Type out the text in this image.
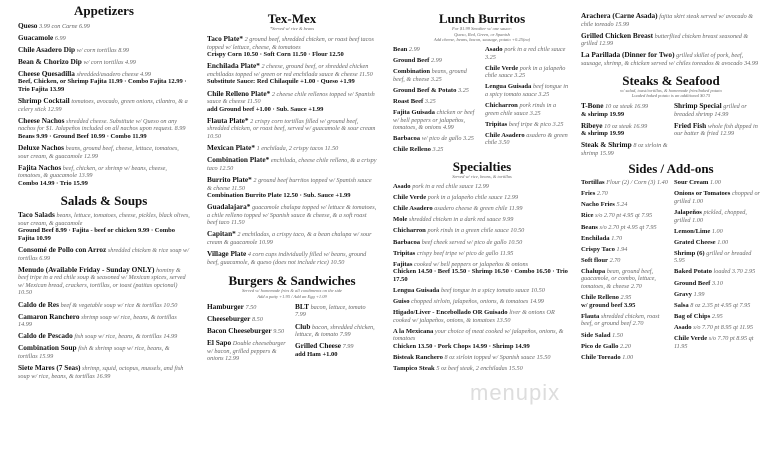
Appetizers
Queso 3.99 con Carne 6.99
Guacamole 6.99
Chile Asadero Dip w/ corn tortillas 8.99
Bean & Chorizo Dip w/ corn tortillas 4.99
Cheese Quesadilla shredded/asadero cheese 4.99
Beef, Chicken, or Shrimp Fajita 11.99 · Combo Fajita 12.99 · Trio Fajita 13.99
Shrimp Cocktail tomatoes, avocado, green onions, cilantro, & a celery stick 12.99
Cheese Nachos shredded cheese. Substitute w/ Queso on any nachos for $1. Jalapeños included on all nachos upon request. 8.99
Beans 9.99 · Ground Beef 10.99 · Combo 11.99
Deluxe Nachos beans, ground beef, cheese, lettuce, tomatoes, sour cream, & guacamole 12.99
Fajita Nachos beef, chicken, or shrimp w/ beans, cheese, tomatoes, & guacamole 13.99
Combo 14.99 · Trio 15.99
Salads & Soups
Taco Salads beans, lettuce, tomatoes, cheese, pickles, black olives, sour cream, & guacamole
Ground Beef 8.99 · Fajita - beef or chicken 9.99 · Combo Fajita 10.99
Consomé de Pollo con Arroz shredded chicken & rice soup w/ tortillas 6.99
Menudo (Available Friday - Sunday ONLY) hominy & beef tripe in a red chile soup & seasoned w/ Mexican spices, served w/ Mexican bread, crackers, tortillas, or toast (patitas opcional) 10.50
Caldo de Res beef & vegetable soup w/ rice & tortillas 10.50
Camaron Ranchero shrimp soup w/ rice, beans, & tortillas 14.99
Caldo de Pescado fish soup w/ rice, beans, & tortillas 14.99
Combination Soup fish & shrimp soup w/ rice, beans, & tortillas 15.99
Siete Mares (7 Seas) shrimp, squid, octopus, mussels, and fish soup w/ rice, beans, & tortillas 16.99
Tex-Mex
*Served w/ rice & beans
Taco Plate* 2 ground beef, shredded chicken, or roast beef tacos topped w/ lettuce, cheese, & tomatoes
Crispy Corn 10.50 · Soft Corn 11.50 · Flour 12.50
Enchilada Plate* 2 cheese, ground beef, or shredded chicken enchiladas topped w/ green or red enchilada sauce & cheese 11.50
Substitute Sauce: Red Chilaquile +1.00 · Queso +1.99
Chile Relleno Plate* 2 cheese chile rellenos topped w/ Spanish sauce & cheese 11.50
add Ground beef +1.00 · Sub. Sauce +1.99
Flauta Plate* 2 crispy corn tortillas filled w/ ground beef, shredded chicken, or roast beef, served w/ guacamole & sour cream 10.50
Mexican Plate* 1 enchilada, 2 crispy tacos 11.50
Combination Plate* enchilada, cheese chile relleno, & a crispy taco 12.50
Burrito Plate* 2 ground beef burritos topped w/ Spanish sauce & cheese 11.50
Combination Burrito Plate 12.50 · Sub. Sauce +1.99
Guadalajara* guacamole chalupa topped w/ lettuce & tomatoes, a chile relleno topped w/ Spanish sauce & cheese, & a soft roast beef taco 11.50
Capitan* 2 enchiladas, a crispy taco, & a bean chalupa w/ sour cream & guacamole 10.99
Village Plate 4 corn cups individually filled w/ beans, ground beef, guacamole, & queso (does not include rice) 10.50
Burgers & Sandwiches
Served w/ homemade fries & all condiments on the side
Add a patty +1.95 / Add an Egg +1.09
Hamburger 7.50
Cheeseburger 8.50
Bacon Cheeseburger 9.50
El Sapo Double cheeseburger w/ bacon, grilled peppers & onions 12.99
BLT bacon, lettuce, tomato 7.99
Club bacon, shredded chicken, lettuce, & tomato 7.99
Grilled Cheese 7.99
add Ham +1.00
Lunch Burritos
For $1.99 Smother w/ one sauce:
Queso, Red, Green, or Spanish
Add cheese, beans, bacon, sausage, potato +0.25(ea)
Bean 2.99
Ground Beef 2.99
Combination beans, ground beef, & cheese 3.25
Ground Beef & Potato 3.25
Roast Beef 3.25
Fajita Guisada chicken or beef w/ bell peppers or jalapeños, tomatoes, & onions 4.99
Barbacoa w/ pico de gallo 3.25
Chile Relleno 3.25
Asado pork in a red chile sauce 3.25
Chile Verde pork in a jalapeño chile sauce 3.25
Lengua Guisada beef tongue in a spicy tomato sauce 3.25
Chicharron pork rinds in a green chile sauce 3.25
Tripitas beef tripe & pico 3.25
Chile Asadero asadero & green chile 3.50
Specialties
Served w/ rice, beans, & tortillas
Asado pork in a red chile sauce 12.99
Chile Verde pork in a jalapeño chile sauce 12.99
Chile Asadero asadero cheese & green chile 11.99
Mole shredded chicken in a dark red sauce 9.99
Chicharron pork rinds in a green chile sauce 10.50
Barbacoa beef cheek served w/ pico de gallo 10.50
Tripitas crispy beef tripe w/ pico de gallo 11.95
Fajitas cooked w/ bell peppers or jalapeños & onions
Chicken 14.50 · Beef 15.50 · Shrimp 16.50 · Combo 16.50 · Trio 17.50
Lengua Guisada beef tongue in a spicy tomato sauce 10.50
Guiso chopped sirloin, jalapeños, onions, & tomatoes 14.99
Higado/Liver - Encebollado OR Guisado liver & onions OR cooked w/ jalapeños, onions, & tomatoes 13.50
A la Mexicana your choice of meat cooked w/ jalapeños, onions, & tomatoes
Chicken 13.50 · Pork Chops 14.99 · Shrimp 14.99
Bisteak Ranchero 8 oz sirloin topped w/ Spanish sauce 15.50
Tampico Steak 5 oz beef steak, 2 enchiladas 15.50
Arachera (Carne Asada) fajita skirt steak served w/ avocado & chile toreado 15.99
Grilled Chicken Breast butterflied chicken breast seasoned & grilled 12.99
La Parillada (Dinner for Two) grilled skillet of pork, beef, sausage, shrimp, & chicken served w/ chiles toreados & avocado 34.99
Steaks & Seafood
w/ salad, toast/tortillas, & homemade fries/baked potato
Loaded baked potato is an additional $0.75
T-Bone 10 oz steak 16.99
& shrimp 19.99
Ribeye 10 oz steak 16.99
& shrimp 19.99
Steak & Shrimp 8 oz sirloin & shrimp 15.99
Shrimp Special grilled or breaded shrimp 14.99
Fried Fish whole fish dipped in our batter & fried 12.99
Sides / Add-ons
Tortillas Flour (2) / Corn (3) 1.40
Fries 2.70
Nacho Fries 5.24
Rice s/o 2.70 pt 4.95 qt 7.95
Beans s/o 2.70 pt 4.95 qt 7.95
Enchilada 1.70
Crispy Taco 1.94
Soft flour 2.70
Chalupa bean, ground beef, guacamole, or combo, lettuce, tomatoes, & cheese 2.70
Chile Relleno 2.95
w/ ground beef 3.95
Flauta shredded chicken, roast beef, or ground beef 2.70
Side Salad 1.50
Pico de Gallo 2.20
Chile Toreado 1.00
Sour Cream 1.00
Onions or Tomatoes chopped or grilled 1.00
Jalapeños pickled, chopped, grilled 1.00
Lemon/Lime 1.00
Grated Cheese 1.00
Shrimp (6) grilled or breaded 5.95
Baked Potato loaded 3.70 2.95
Ground Beef 3.10
Gravy 1.99
Salsa 8 oz 2.35 pt 4.95 qt 7.95
Bag of Chips 2.95
Asado s/o 7.70 pt 8.95 qt 11.95
Chile Verde s/o 7.70 pt 8.95 qt 11.95
menupix
